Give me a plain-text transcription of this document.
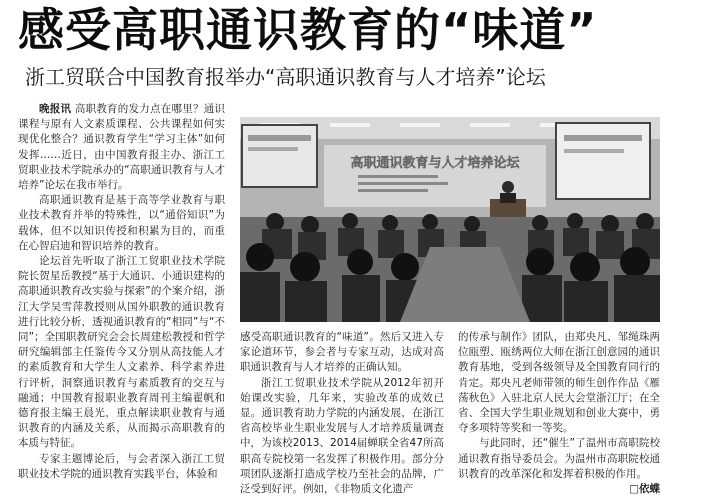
感受高职通识教育的“味道”
浙工贸联合中国教育报举办“高职通识教育与人才培养”论坛

晚报讯 高职教育的发力点在哪里？通识课程与原有人文素质课程、公共课程如何实现优化整合？通识教育学生“学习主体”如何发挥……近日，由中国教育报主办、浙江工贸职业技术学院承办的“高职通识教育与人才培养”论坛在我市举行。

高职通识教育是基于高等学业教育与职业技术教育并举的特殊性，以“通俗知识”为载体，但不以知识传授和积累为目的，而重在心智启迪和智识培养的教育。

论坛首先听取了浙江工贸职业技术学院院长贺星岳教授“基于大通识、小通识建构的高职通识教育改实验与探索”的个案介绍，浙江大学吴雪萍教授则从国外职教的通识教育进行比较分析，透视通识教育的“相同”与“不同”；全国职教研究会会长周建松教授和哲学研究编辑部主任鉴传今又分别从高技能人才的素质教育和大学生人文素养、科学素养进行评析，洞察通识教育与素质教育的交互与融通；中国教育报职业教育周刊主编翟帆和德育报主编王晨光，重点解读职业教育与通识教育的内涵及关系，从而揭示高职教育的本质与特征。

专家主题博论后，与会者深入浙江工贸职业技术学院的通识教育实践平台，体验和

高职通识教育与人才培养论坛

感受高职通识教育的“味道”。然后又进入专家论道环节，参会者与专家互动，达成对高职通识教育与人才培养的正确认知。

浙江工贸职业技术学院从2012年初开始课改实验，几年来，实验改革的成效已显。通识教育助力学院的内涵发展，在浙江省高校毕业生职业发展与人才培养质量调查中，为该校2013、2014届蝉联全省47所高职高专院校第一名发挥了积极作用。部分分项团队逐渐打造成学校乃至社会的品牌，广泛受到好评。例如，《非物质文化遗产

的传承与制作》团队，由郑央凡、邹绳珠两位瓯塑、瓯绣两位大师在浙江创意园的通识教育基地，受到各级领导及全国教育同行的肯定。郑央凡老师带领的师生创作作品《雁荡秋色》入驻北京人民大会堂浙江厅；在全省、全国大学生职业规划和创业大赛中，勇夺多项特等奖和一等奖。

与此同时，还“催生”了温州市高职院校通识教育指导委员会。为温州市高职院校通识教育的改革深化和发挥着积极的作用。
□依蝶
